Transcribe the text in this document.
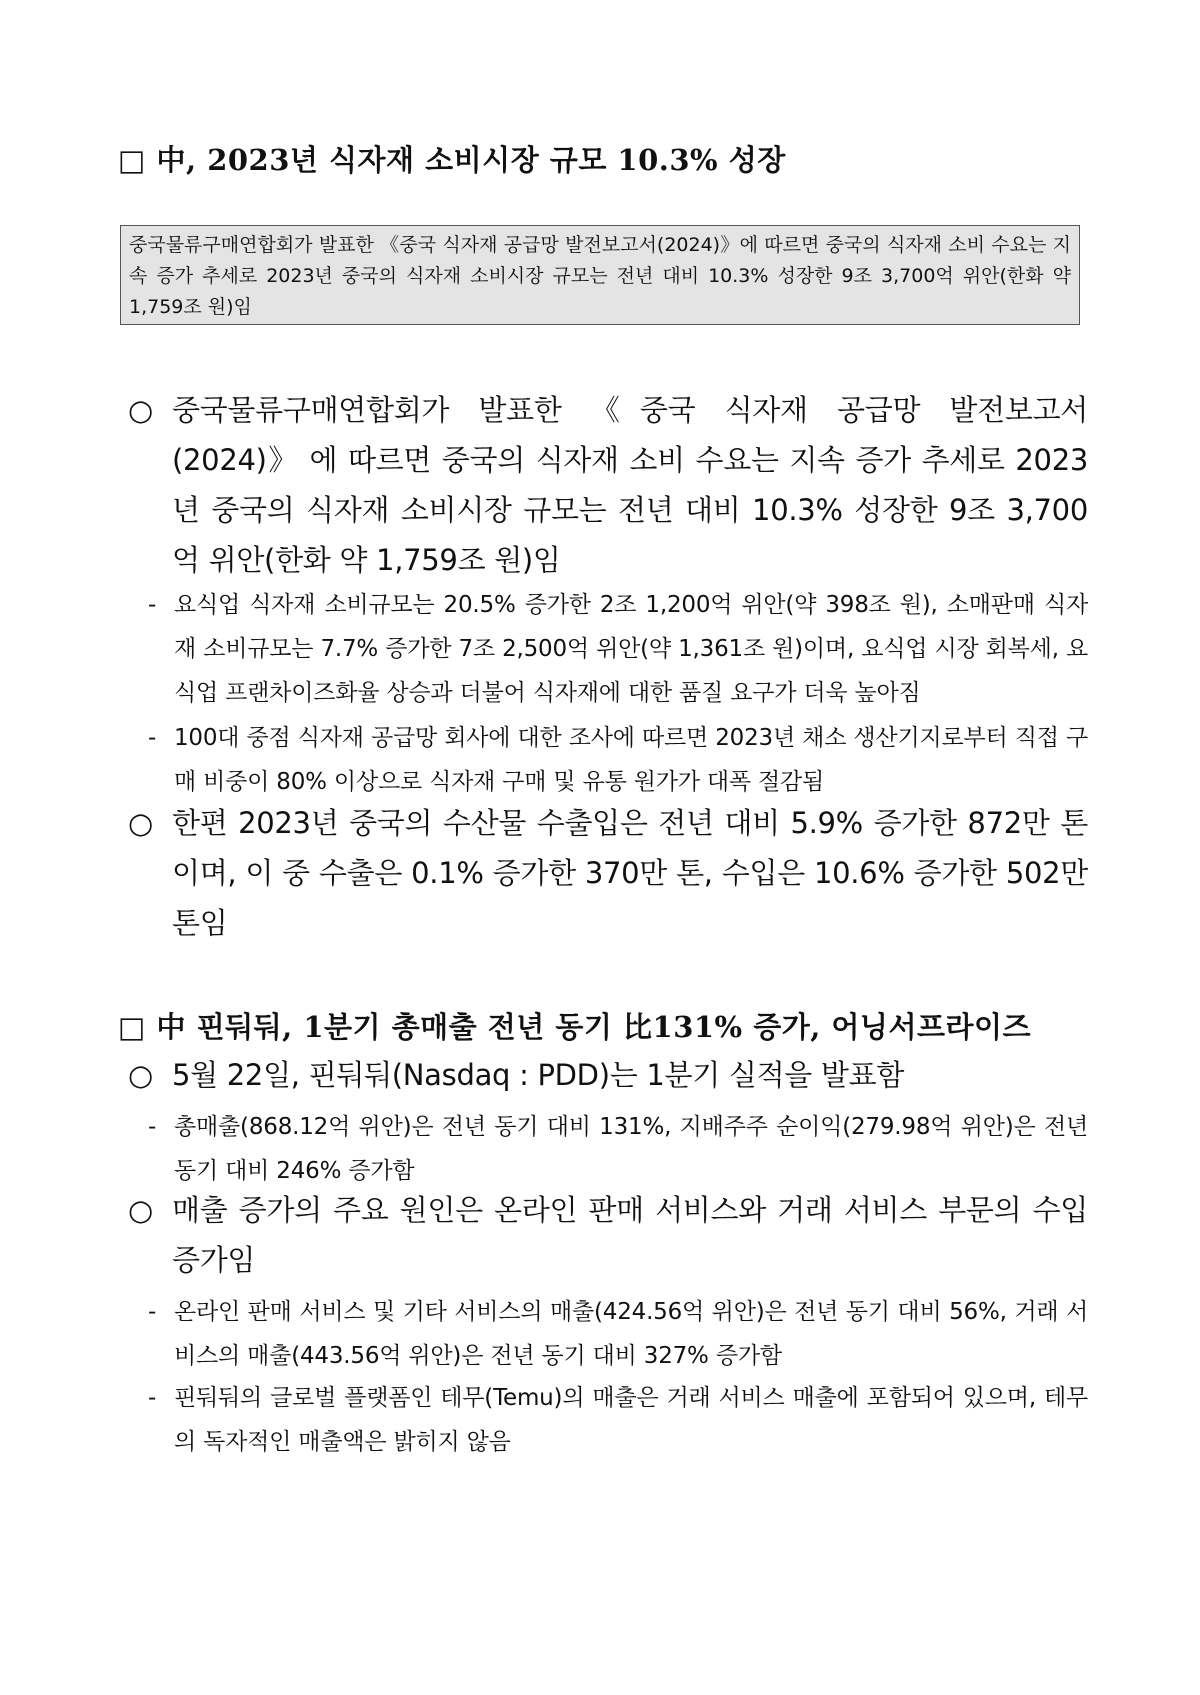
□ 中, 2023년 식자재 소비시장 규모 10.3% 성장
중국물류구매연합회가 발표한 《중국 식자재 공급망 발전보고서(2024)》에 따르면 중국의 식자재 소비 수요는 지속 증가 추세로 2023년 중국의 식자재 소비시장 규모는 전년 대비 10.3% 성장한 9조 3,700억 위안(한화 약 1,759조 원)임
○ 중국물류구매연합회가 발표한 《중국 식자재 공급망 발전보고서(2024)》 에 따르면 중국의 식자재 소비 수요는 지속 증가 추세로 2023년 중국의 식자재 소비시장 규모는 전년 대비 10.3% 성장한 9조 3,700억 위안(한화 약 1,759조 원)임
- 요식업 식자재 소비규모는 20.5% 증가한 2조 1,200억 위안(약 398조 원), 소매판매 식자재 소비규모는 7.7% 증가한 7조 2,500억 위안(약 1,361조 원)이며, 요식업 시장 회복세, 요식업 프랜차이즈화율 상승과 더불어 식자재에 대한 품질 요구가 더욱 높아짐
- 100대 중점 식자재 공급망 회사에 대한 조사에 따르면 2023년 채소 생산기지로부터 직접 구매 비중이 80% 이상으로 식자재 구매 및 유통 원가가 대폭 절감됨
○ 한편 2023년 중국의 수산물 수출입은 전년 대비 5.9% 증가한 872만 톤이며, 이 중 수출은 0.1% 증가한 370만 톤, 수입은 10.6% 증가한 502만 톤임
□ 中 핀둬둬, 1분기 총매출 전년 동기 比131% 증가, 어닝서프라이즈
○ 5월 22일, 핀둬둬(Nasdaq : PDD)는 1분기 실적을 발표함
- 총매출(868.12억 위안)은 전년 동기 대비 131%, 지배주주 순이익(279.98억 위안)은 전년 동기 대비 246% 증가함
○ 매출 증가의 주요 원인은 온라인 판매 서비스와 거래 서비스 부문의 수입 증가임
- 온라인 판매 서비스 및 기타 서비스의 매출(424.56억 위안)은 전년 동기 대비 56%, 거래 서비스의 매출(443.56억 위안)은 전년 동기 대비 327% 증가함
- 핀둬둬의 글로벌 플랫폼인 테무(Temu)의 매출은 거래 서비스 매출에 포함되어 있으며, 테무의 독자적인 매출액은 밝히지 않음
